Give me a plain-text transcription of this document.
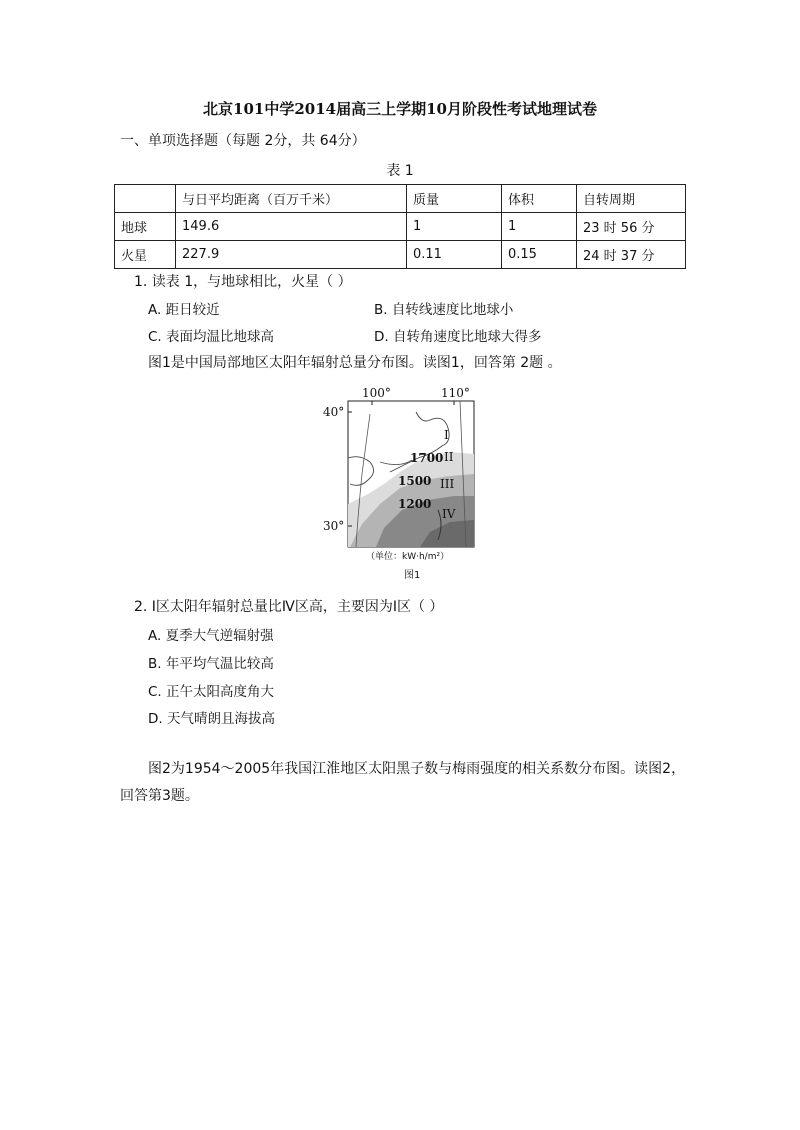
北京101中学2014届高三上学期10月阶段性考试地理试卷
一、单项选择题（每题 2分，共 64分）
表 1
	与日平均距离（百万千米）	质量	体积	自转周期
地球	149.6	1	1	23 时 56 分
火星	227.9	0.11	0.15	24 时 37 分
1. 读表 1，与地球相比，火星（ ）
A. 距日较近	B. 自转线速度比地球小
C. 表面均温比地球高	D. 自转角速度比地球大得多
图1是中国局部地区太阳年辐射总量分布图。读图1，回答第 2题 。
100°	110°
40°
30°
I
II
III
IV
1700
1500
1200
（单位：kW·h/m²）
图1
2. Ⅰ区太阳年辐射总量比Ⅳ区高，主要因为Ⅰ区（ ）
A. 夏季大气逆辐射强
B. 年平均气温比较高
C. 正午太阳高度角大
D. 天气晴朗且海拔高
图2为1954～2005年我国江淮地区太阳黑子数与梅雨强度的相关系数分布图。读图2，
回答第3题。
